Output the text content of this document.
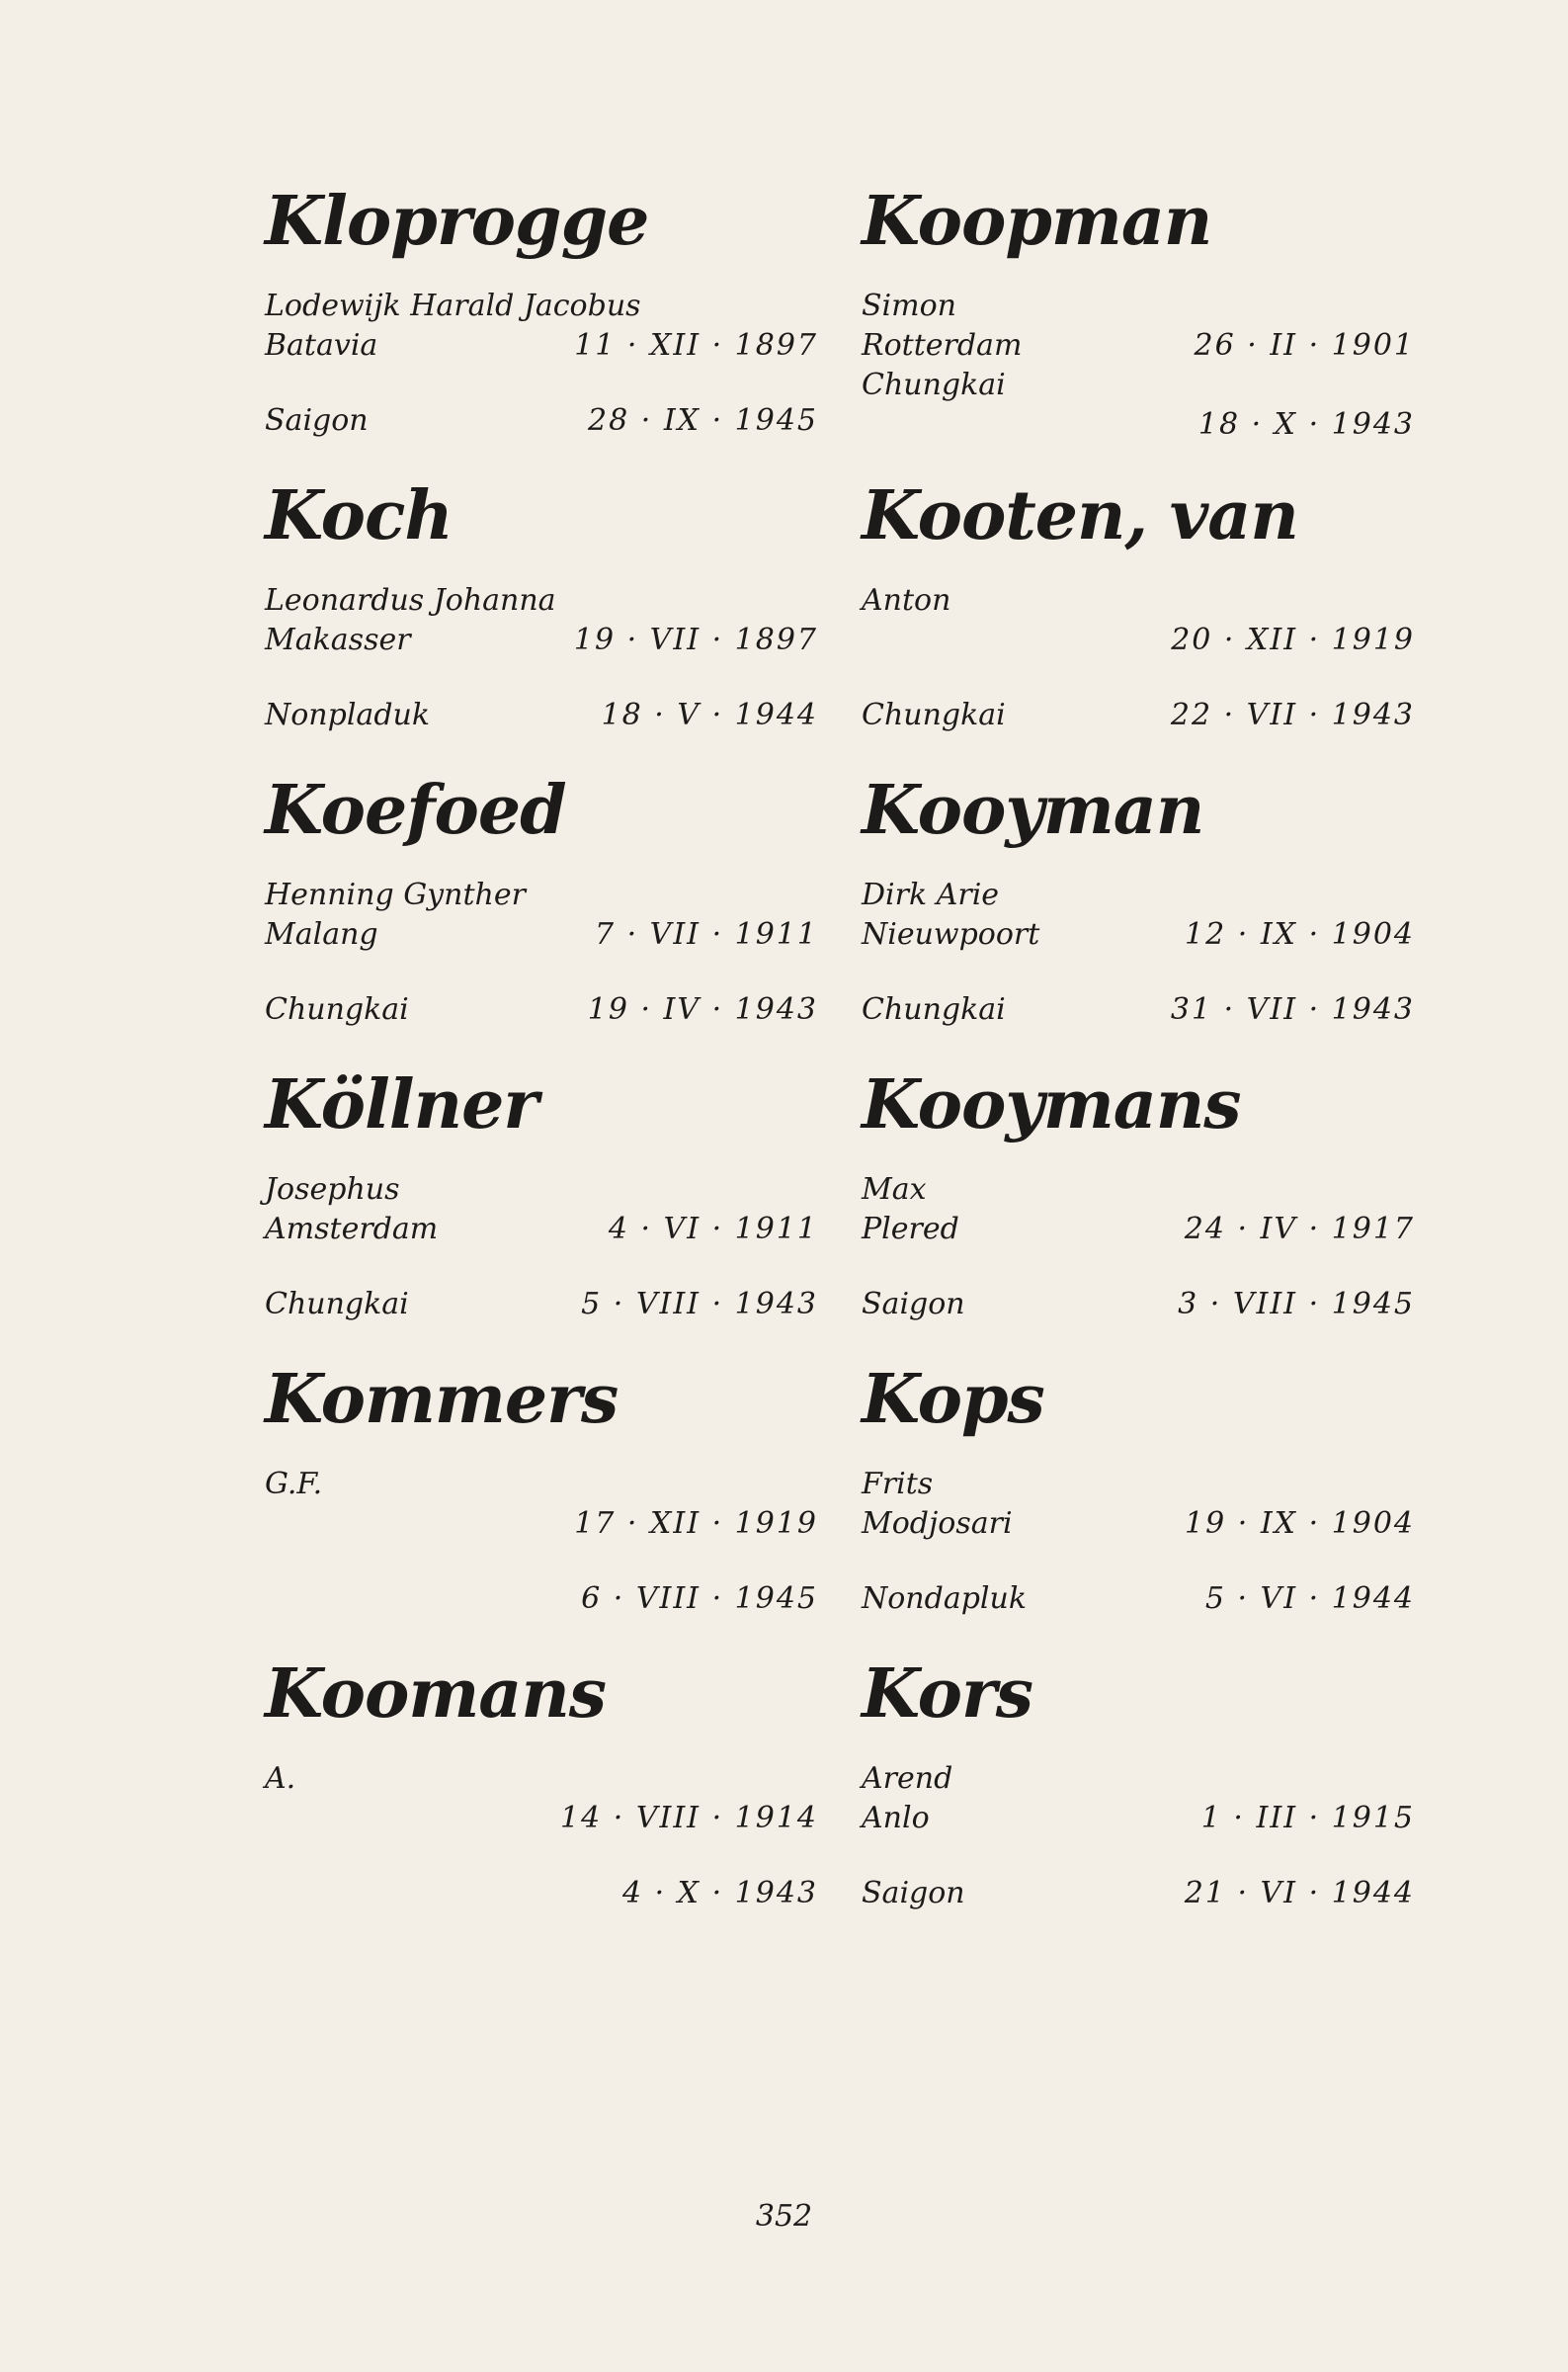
Kloprogge
Lodewijk Harald Jacobus
Batavia	11 · XII · 1897
Saigon	28 · IX · 1945
Koch
Leonardus Johanna
Makasser	19 · VII · 1897
Nonpladuk	18 · V · 1944
Koefoed
Henning Gynther
Malang	7 · VII · 1911
Chungkai	19 · IV · 1943
Köllner
Josephus
Amsterdam	4 · VI · 1911
Chungkai	5 · VIII · 1943
Kommers
G.F.
17 · XII · 1919
6 · VIII · 1945
Koomans
A.
14 · VIII · 1914
4 · X · 1943
Koopman
Simon
Rotterdam	26 · II · 1901
Chungkai
18 · X · 1943
Kooten, van
Anton
20 · XII · 1919
Chungkai	22 · VII · 1943
Kooyman
Dirk Arie
Nieuwpoort	12 · IX · 1904
Chungkai	31 · VII · 1943
Kooymans
Max
Plered	24 · IV · 1917
Saigon	3 · VIII · 1945
Kops
Frits
Modjosari	19 · IX · 1904
Nondapluk	5 · VI · 1944
Kors
Arend
Anlo	1 · III · 1915
Saigon	21 · VI · 1944
352
